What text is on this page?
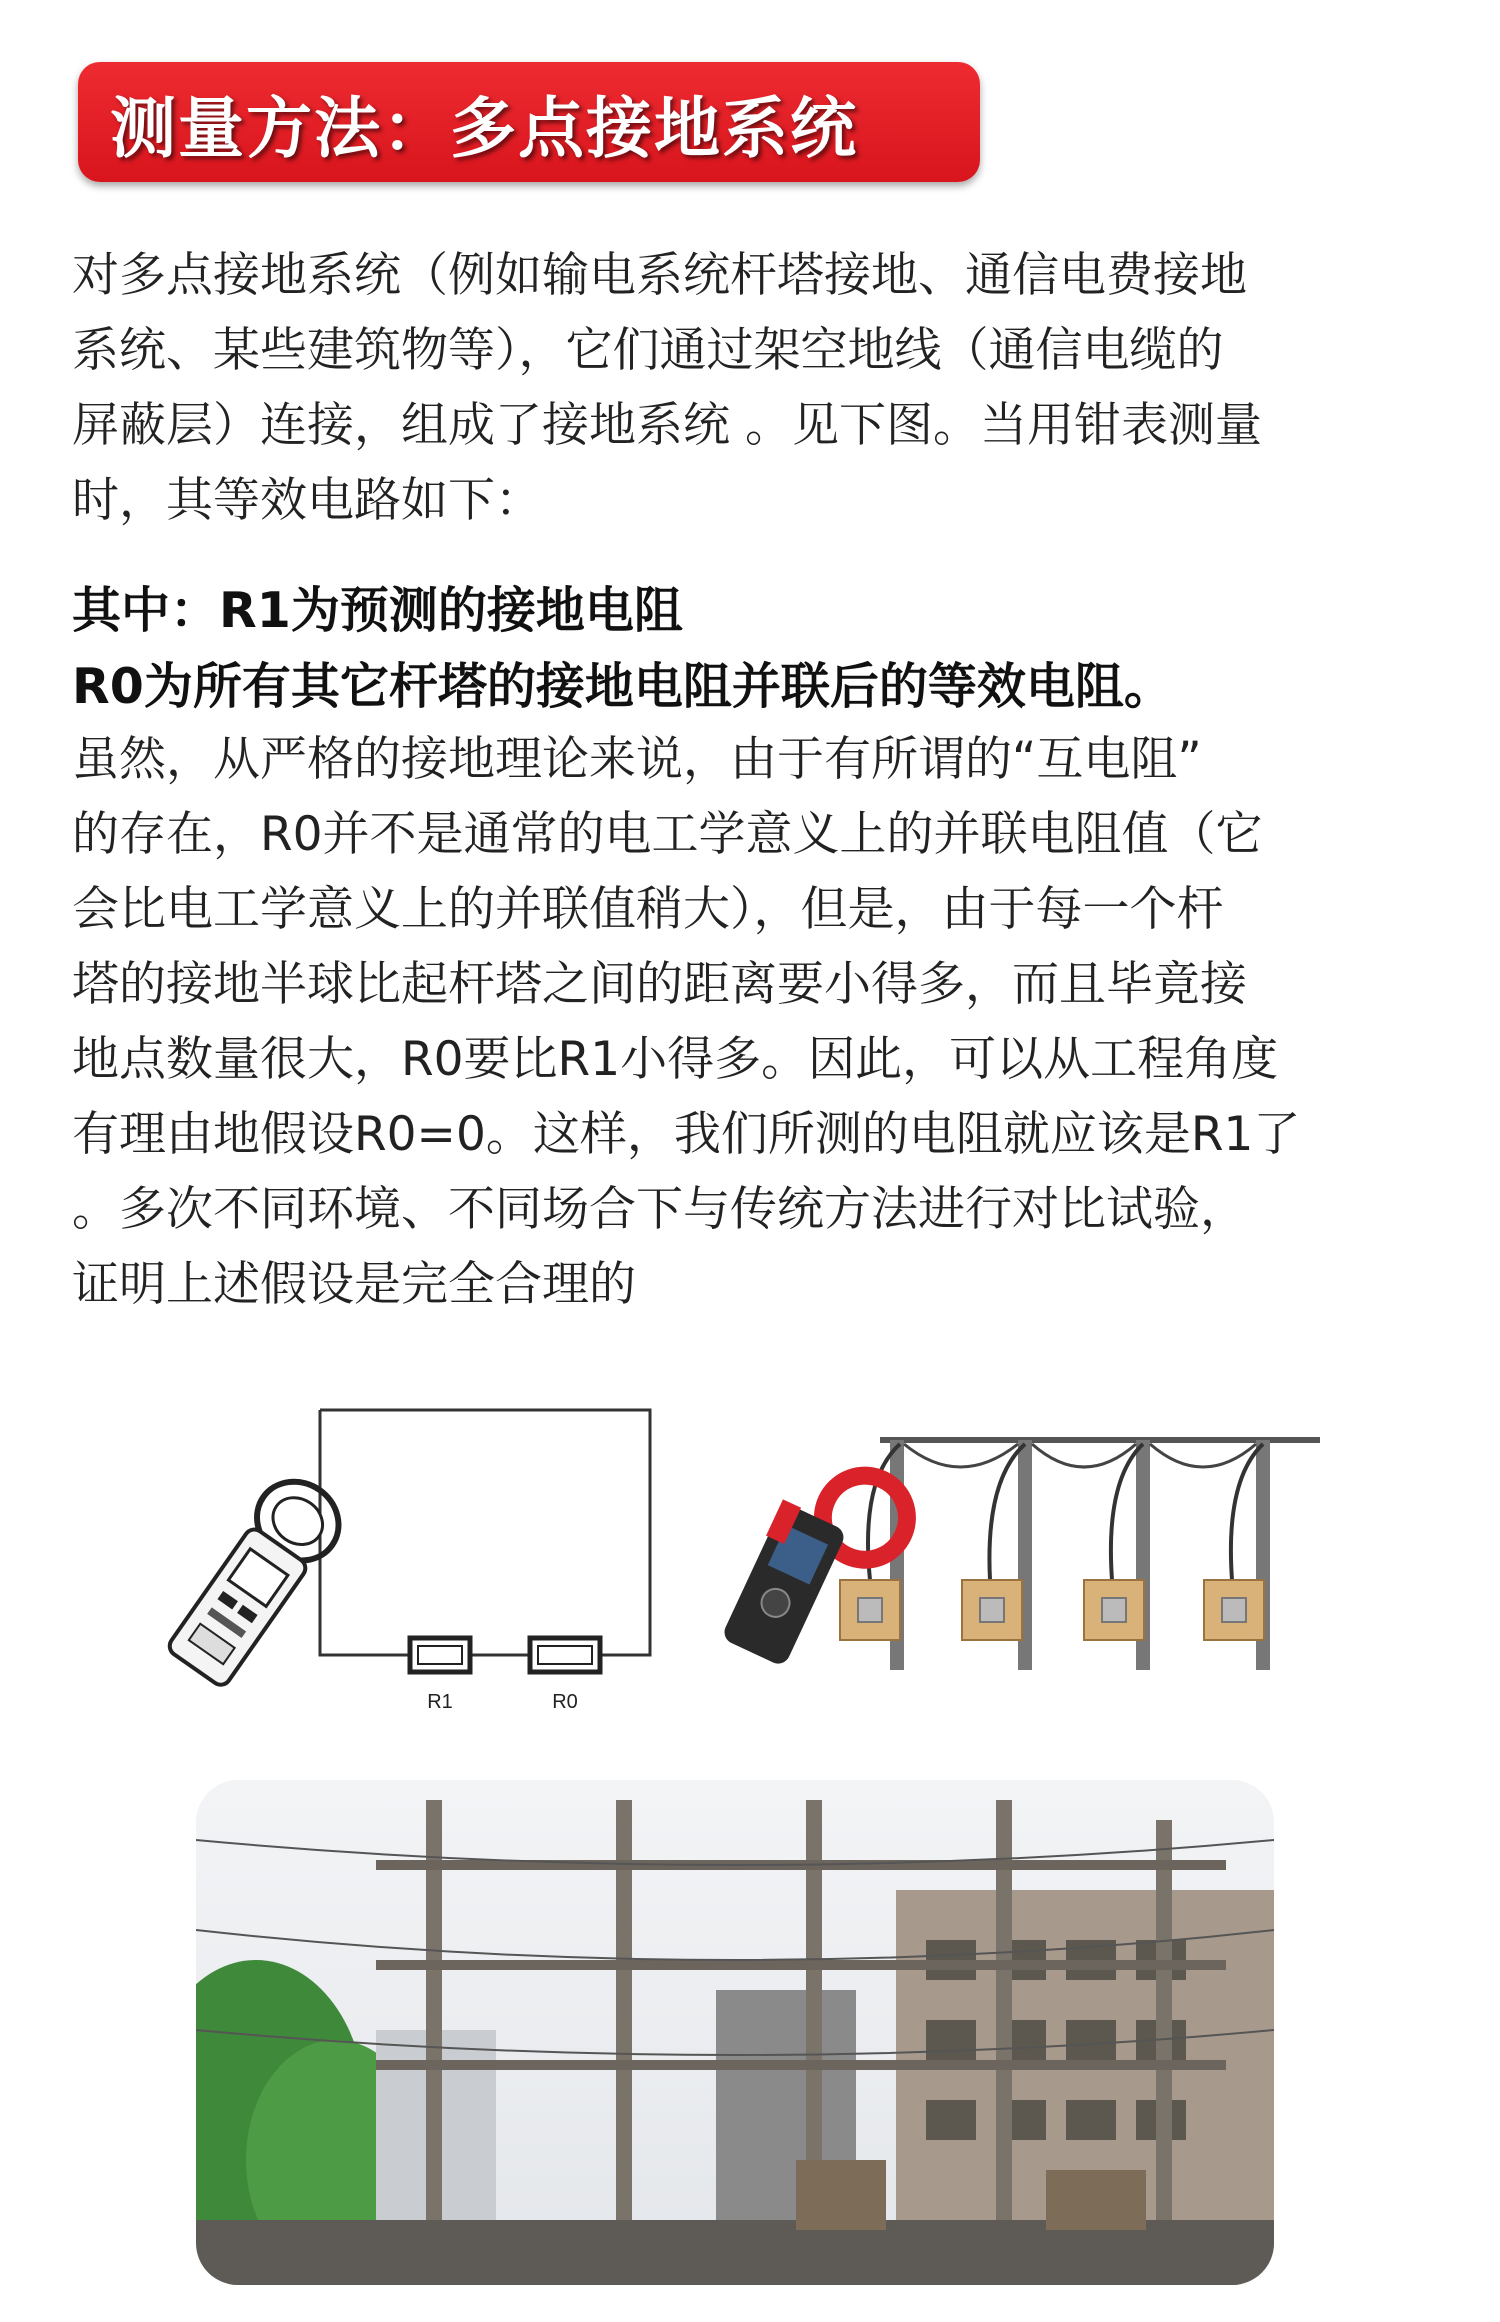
测量方法：多点接地系统
对多点接地系统（例如输电系统杆塔接地、通信电费接地
系统、某些建筑物等），它们通过架空地线（通信电缆的
屏蔽层）连接，组成了接地系统 。见下图。当用钳表测量
时，其等效电路如下：
其中：R1为预测的接地电阻
R0为所有其它杆塔的接地电阻并联后的等效电阻。
虽然，从严格的接地理论来说，由于有所谓的“互电阻”
的存在，R0并不是通常的电工学意义上的并联电阻值（它
会比电工学意义上的并联值稍大），但是，由于每一个杆
塔的接地半球比起杆塔之间的距离要小得多，而且毕竟接
地点数量很大，R0要比R1小得多。因此，可以从工程角度
有理由地假设R0=0。这样，我们所测的电阻就应该是R1了
。多次不同环境、不同场合下与传统方法进行对比试验，
证明上述假设是完全合理的
R1	R0
